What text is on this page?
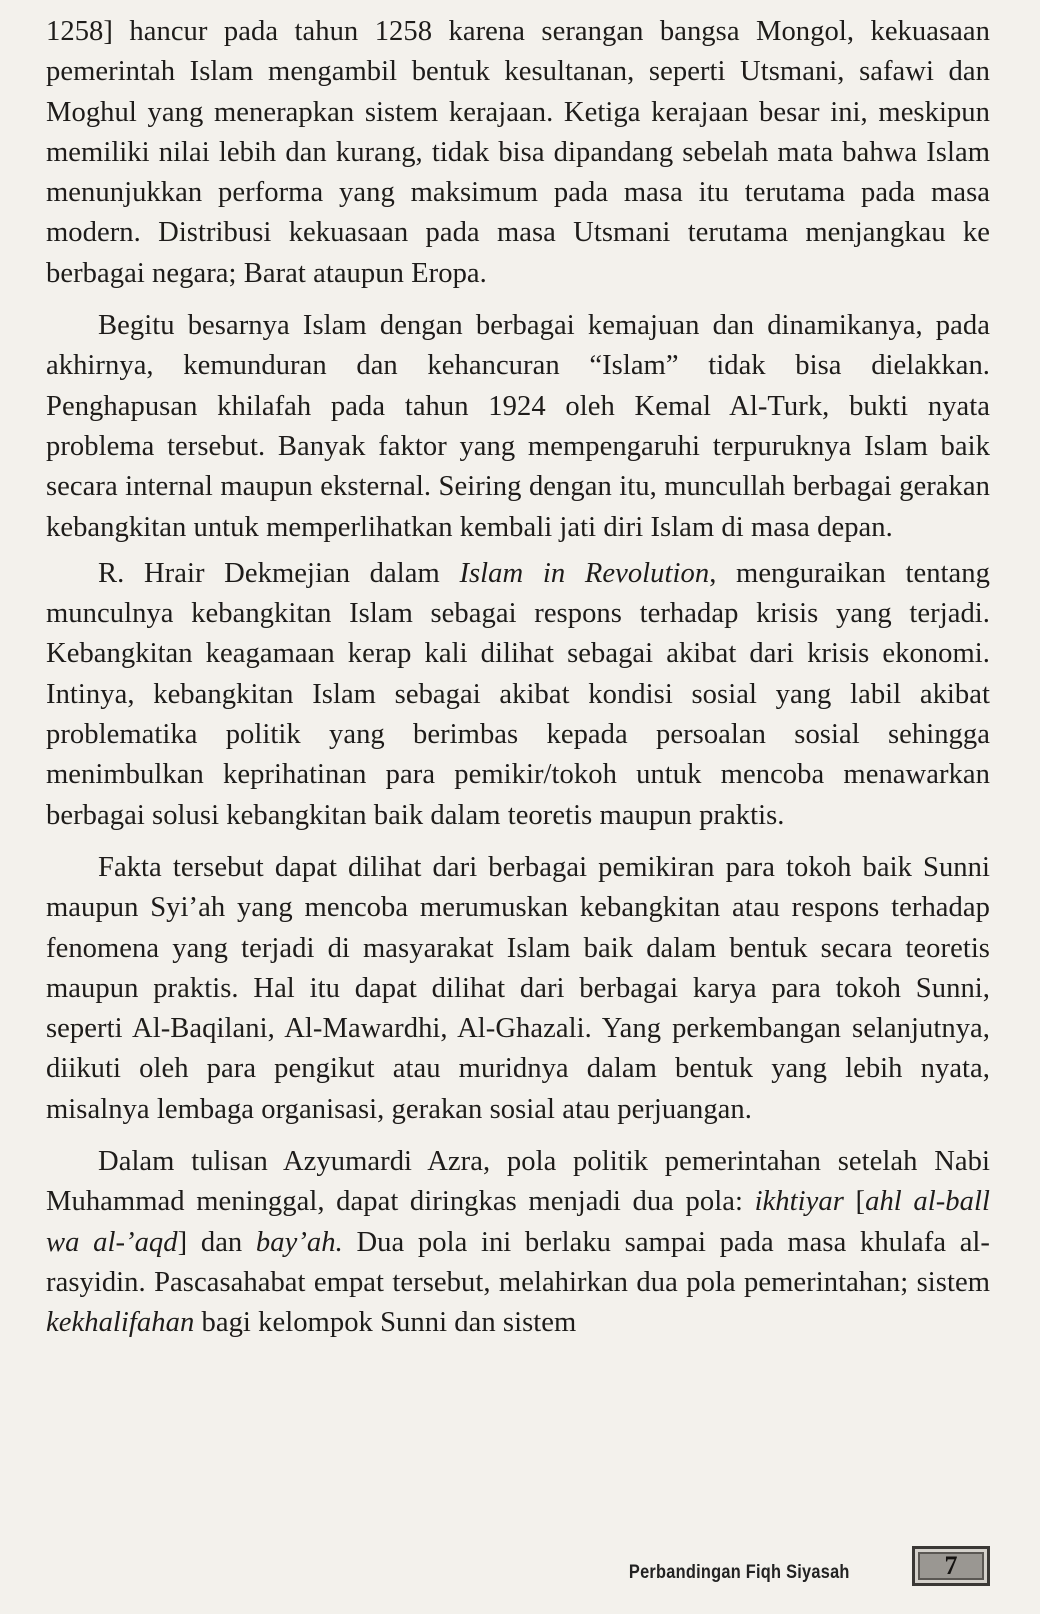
1258] hancur pada tahun 1258 karena serangan bangsa Mongol, kekuasaan pemerintah Islam mengambil bentuk kesultanan, seperti Utsmani, safawi dan Moghul yang menerapkan sistem kerajaan. Ketiga kerajaan besar ini, meskipun memiliki nilai lebih dan kurang, tidak bisa dipandang sebelah mata bahwa Islam menunjukkan performa yang maksimum pada masa itu terutama pada masa modern. Distribusi kekuasaan pada masa Utsmani terutama menjangkau ke berbagai negara; Barat ataupun Eropa.

Begitu besarnya Islam dengan berbagai kemajuan dan dinamikanya, pada akhirnya, kemunduran dan kehancuran “Islam” tidak bisa dielakkan. Penghapusan khilafah pada tahun 1924 oleh Kemal Al-Turk, bukti nyata problema tersebut. Banyak faktor yang mempengaruhi terpuruknya Islam baik secara internal maupun eksternal. Seiring dengan itu, muncullah berbagai gerakan kebangkitan untuk memperlihatkan kembali jati diri Islam di masa depan.

R. Hrair Dekmejian dalam Islam in Revolution, menguraikan tentang munculnya kebangkitan Islam sebagai respons terhadap krisis yang terjadi. Kebangkitan keagamaan kerap kali dilihat sebagai akibat dari krisis ekonomi. Intinya, kebangkitan Islam sebagai akibat kondisi sosial yang labil akibat problematika politik yang berimbas kepada persoalan sosial sehingga menimbulkan keprihatinan para pemikir/tokoh untuk mencoba menawarkan berbagai solusi kebangkitan baik dalam teoretis maupun praktis.

Fakta tersebut dapat dilihat dari berbagai pemikiran para tokoh baik Sunni maupun Syi’ah yang mencoba merumuskan kebangkitan atau respons terhadap fenomena yang terjadi di masyarakat Islam baik dalam bentuk secara teoretis maupun praktis. Hal itu dapat dilihat dari berbagai karya para tokoh Sunni, seperti Al-Baqilani, Al-Mawardhi, Al-Ghazali. Yang perkembangan selanjutnya, diikuti oleh para pengikut atau muridnya dalam bentuk yang lebih nyata, misalnya lembaga organisasi, gerakan sosial atau perjuangan.

Dalam tulisan Azyumardi Azra, pola politik pemerintahan setelah Nabi Muhammad meninggal, dapat diringkas menjadi dua pola: ikhtiyar [ahl al-ball wa al-’aqd] dan bay’ah. Dua pola ini berlaku sampai pada masa khulafa al-rasyidin. Pascasahabat empat tersebut, melahirkan dua pola pemerintahan; sistem kekhalifahan bagi kelompok Sunni dan sistem

Perbandingan Fiqh Siyasah	7
